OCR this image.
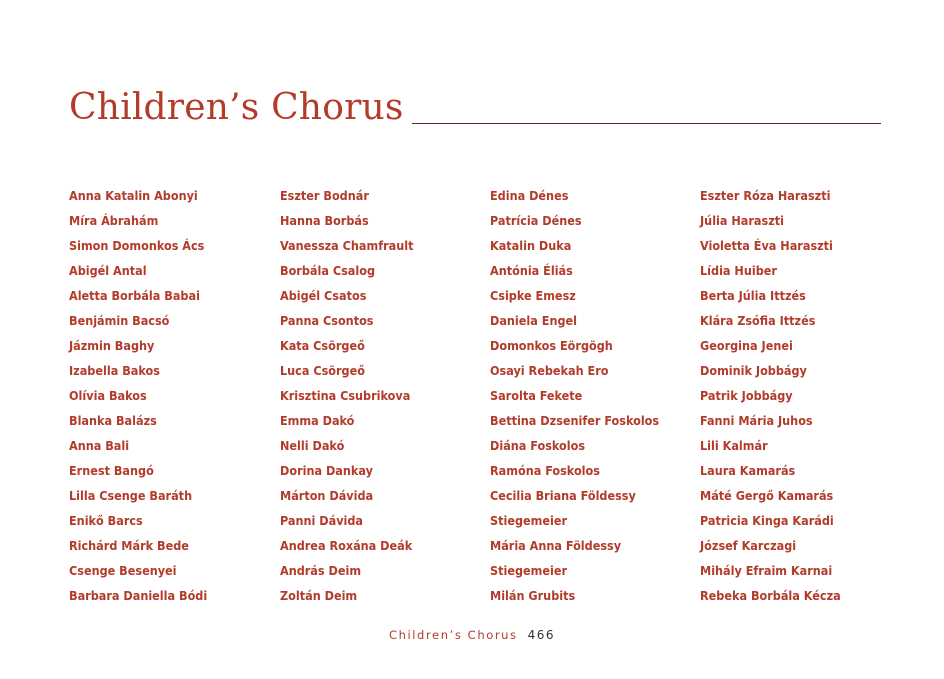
Children’s Chorus
Anna Katalin Abonyi
Míra Ábrahám
Simon Domonkos Ács
Abigél Antal
Aletta Borbála Babai
Benjámin Bacsó
Jázmin Baghy
Izabella Bakos
Olívia Bakos
Blanka Balázs
Anna Bali
Ernest Bangó
Lilla Csenge Baráth
Enikő Barcs
Richárd Márk Bede
Csenge Besenyei
Barbara Daniella Bódi
Eszter Bodnár
Hanna Borbás
Vanessza Chamfrault
Borbála Csalog
Abigél Csatos
Panna Csontos
Kata Csörgeő
Luca Csörgeő
Krisztina Csubrikova
Emma Dakó
Nelli Dakó
Dorina Dankay
Márton Dávida
Panni Dávida
Andrea Roxána Deák
András Deim
Zoltán Deim
Edina Dénes
Patrícia Dénes
Katalin Duka
Antónia Éliás
Csipke Emesz
Daniela Engel
Domonkos Eörgögh
Osayi Rebekah Ero
Sarolta Fekete
Bettina Dzsenifer Foskolos
Diána Foskolos
Ramóna Foskolos
Cecilia Briana Földessy
Stiegemeier
Mária Anna Földessy
Stiegemeier
Milán Grubits
Eszter Róza Haraszti
Júlia Haraszti
Violetta Éva Haraszti
Lídia Huiber
Berta Júlia Ittzés
Klára Zsófia Ittzés
Georgina Jenei
Dominik Jobbágy
Patrik Jobbágy
Fanni Mária Juhos
Lili Kalmár
Laura Kamarás
Máté Gergő Kamarás
Patricia Kinga Karádi
József Karczagi
Mihály Efraim Karnai
Rebeka Borbála Kécza
Children’s Chorus 466
